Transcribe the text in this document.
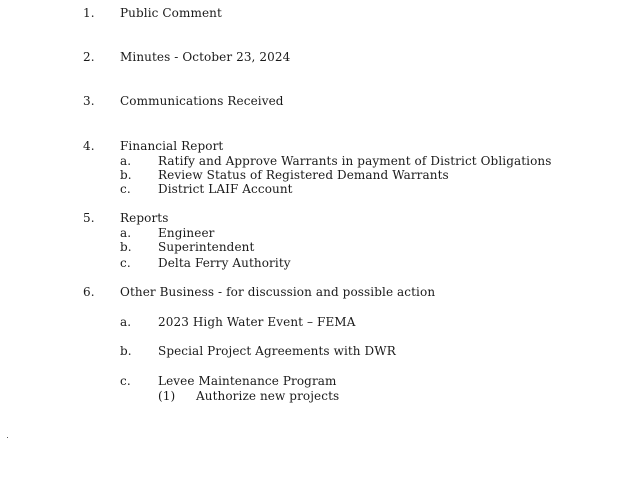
1. Public Comment
2. Minutes - October 23, 2024
3. Communications Received
4. Financial Report
a. Ratify and Approve Warrants in payment of District Obligations
b. Review Status of Registered Demand Warrants
c. District LAIF Account
5. Reports
a. Engineer
b. Superintendent
c. Delta Ferry Authority
6. Other Business - for discussion and possible action
a. 2023 High Water Event – FEMA
b. Special Project Agreements with DWR
c. Levee Maintenance Program
(1) Authorize new projects
